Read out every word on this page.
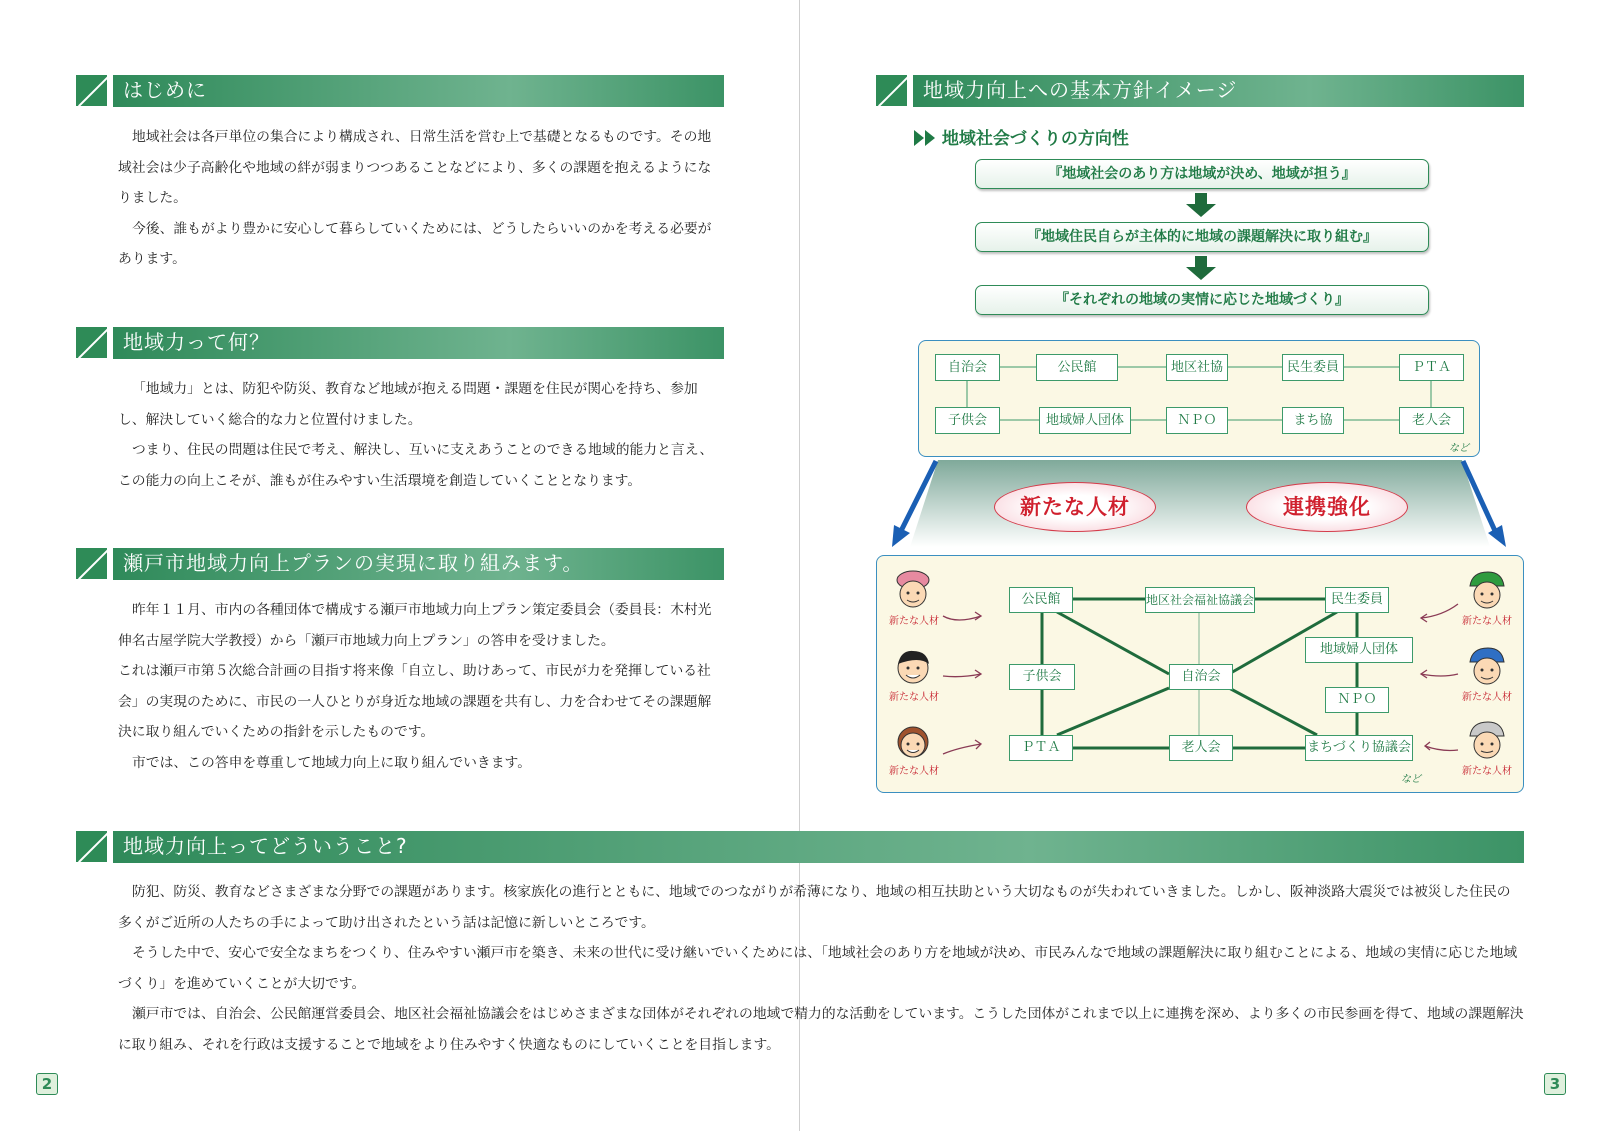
はじめに

地域社会は各戸単位の集合により構成され、日常生活を営む上で基礎となるものです。その地域社会は少子高齢化や地域の絆が弱まりつつあることなどにより、多くの課題を抱えるようになりました。

今後、誰もがより豊かに安心して暮らしていくためには、どうしたらいいのかを考える必要があります。

地域力って何？

「地域力」とは、防犯や防災、教育など地域が抱える問題・課題を住民が関心を持ち、参加し、解決していく総合的な力と位置付けました。

つまり、住民の問題は住民で考え、解決し、互いに支えあうことのできる地域的能力と言え、この能力の向上こそが、誰もが住みやすい生活環境を創造していくこととなります。

瀬戸市地域力向上プランの実現に取り組みます。

昨年１１月、市内の各種団体で構成する瀬戸市地域力向上プラン策定委員会（委員長：木村光伸名古屋学院大学教授）から「瀬戸市地域力向上プラン」の答申を受けました。

これは瀬戸市第５次総合計画の目指す将来像「自立し、助けあって、市民が力を発揮している社会」の実現のために、市民の一人ひとりが身近な地域の課題を共有し、力を合わせてその課題解決に取り組んでいくための指針を示したものです。

市では、この答申を尊重して地域力向上に取り組んでいきます。

2
地域力向上への基本方針イメージ
地域社会づくりの方向性
『地域社会のあり方は地域が決め、地域が担う』
『地域住民自らが主体的に地域の課題解決に取り組む』
『それぞれの地域の実情に応じた地域づくり』
自治会	公民館	地区社協	民生委員	ＰＴＡ
子供会	地域婦人団体	ＮＰＯ	まち協	老人会
など
新たな人材	連携強化
公民館	地区社会福祉協議会	民生委員
子供会	自治会
地域婦人団体
ＮＰＯ
ＰＴＡ	老人会	まちづくり協議会
など
新たな人材
新たな人材
新たな人材
新たな人材
新たな人材
新たな人材
地域力向上ってどういうこと?

防犯、防災、教育などさまざまな分野での課題があります。核家族化の進行とともに、地域でのつながりが希薄になり、地域の相互扶助という大切なものが失われていきました。しかし、阪神淡路大震災では被災した住民の多くがご近所の人たちの手によって助け出されたという話は記憶に新しいところです。

そうした中で、安心で安全なまちをつくり、住みやすい瀬戸市を築き、未来の世代に受け継いでいくためには、「地域社会のあり方を地域が決め、市民みんなで地域の課題解決に取り組むことによる、地域の実情に応じた地域づくり」を進めていくことが大切です。

瀬戸市では、自治会、公民館運営委員会、地区社会福祉協議会をはじめさまざまな団体がそれぞれの地域で精力的な活動をしています。こうした団体がこれまで以上に連携を深め、より多くの市民参画を得て、地域の課題解決に取り組み、それを行政は支援することで地域をより住みやすく快適なものにしていくことを目指します。

3
